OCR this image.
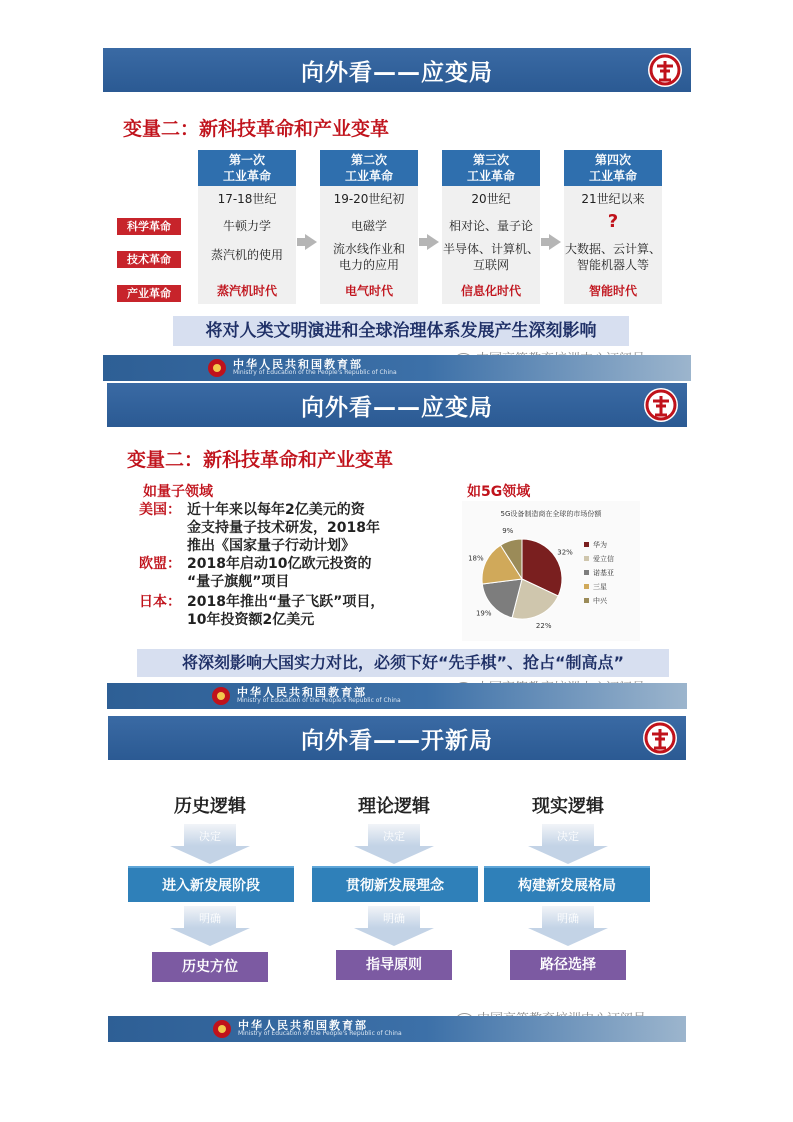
向外看——应变局
变量二：新科技革命和产业变革
科学革命
技术革命
产业革命
第一次
工业革命
17-18世纪
牛顿力学
蒸汽机的使用
蒸汽机时代
第二次
工业革命
19-20世纪初
电磁学
流水线作业和
电力的应用
电气时代
第三次
工业革命
20世纪
相对论、量子论
半导体、计算机、
互联网
信息化时代
第四次
工业革命
21世纪以来
?
大数据、云计算、
智能机器人等
智能时代
将对人类文明演进和全球治理体系发展产生深刻影响
中华人民共和国教育部
Ministry of Education of the People's Republic of China
向外看——应变局
变量二：新科技革命和产业变革
如量子领域
美国： 近十年来以每年2亿美元的资
金支持量子技术研发，2018年
推出《国家量子行动计划》
欧盟： 2018年启动10亿欧元投资的
“量子旗舰”项目
日本： 2018年推出“量子飞跃”项目，
10年投资额2亿美元
如5G领域
5G设备制造商在全球的市场份额
32%
22%
19%
18%
9%
华为
爱立信
诺基亚
三星
中兴
将深刻影响大国实力对比，必须下好“先手棋”、抢占“制高点”
中华人民共和国教育部
Ministry of Education of the People's Republic of China
向外看——开新局
历史逻辑
决定
进入新发展阶段
明确
历史方位
理论逻辑
决定
贯彻新发展理念
明确
指导原则
现实逻辑
决定
构建新发展格局
明确
路径选择
中华人民共和国教育部
Ministry of Education of the People's Republic of China
